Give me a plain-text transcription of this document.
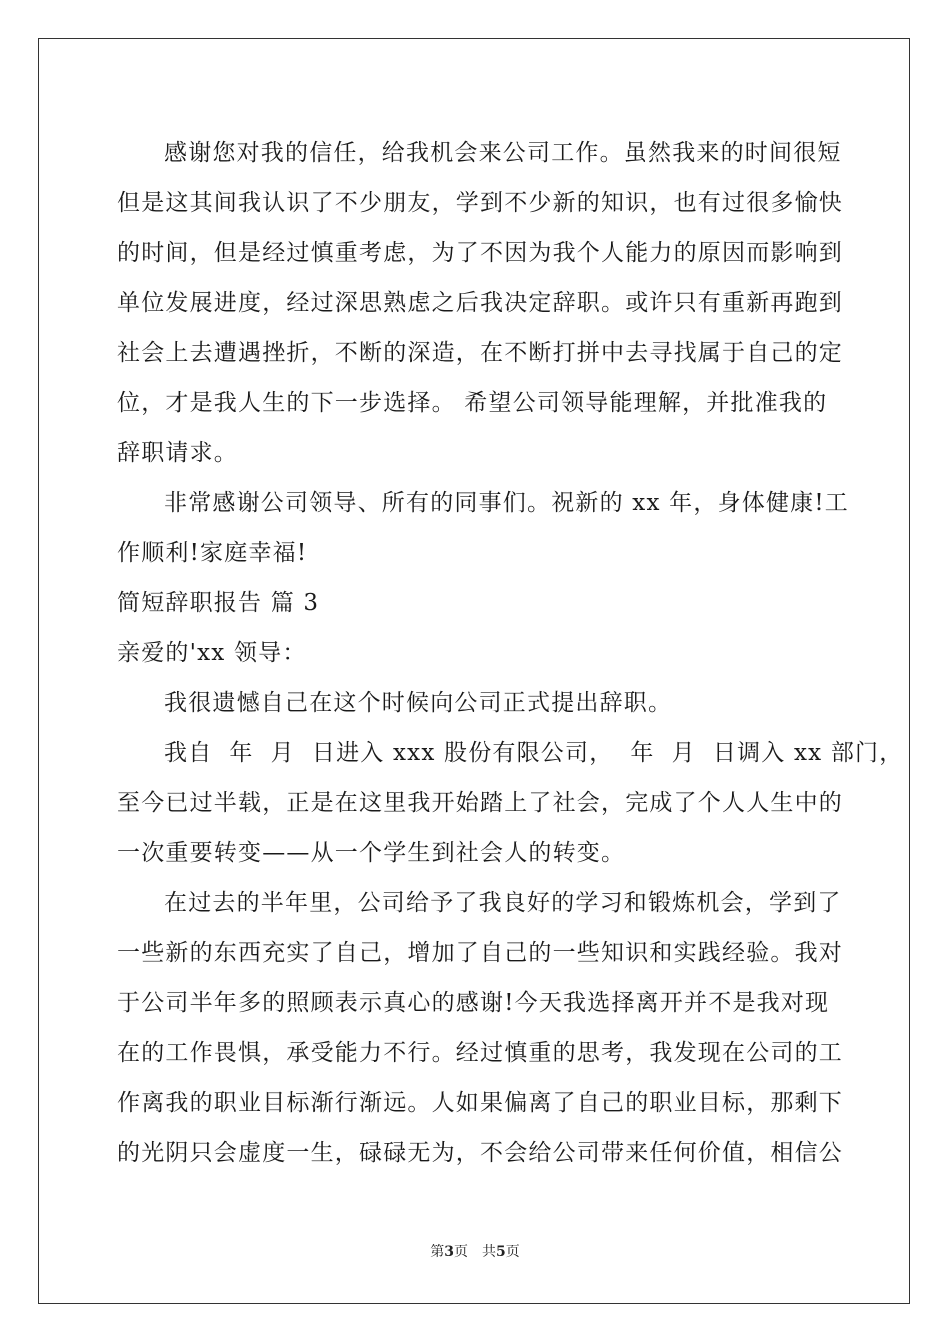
感谢您对我的信任，给我机会来公司工作。虽然我来的时间很短
但是这其间我认识了不少朋友，学到不少新的知识，也有过很多愉快
的时间，但是经过慎重考虑，为了不因为我个人能力的原因而影响到
单位发展进度，经过深思熟虑之后我决定辞职。或许只有重新再跑到
社会上去遭遇挫折，不断的深造，在不断打拼中去寻找属于自己的定
位，才是我人生的下一步选择。 希望公司领导能理解，并批准我的
辞职请求。
非常感谢公司领导、所有的同事们。祝新的 xx 年，身体健康!工
作顺利!家庭幸福!
简短辞职报告 篇 3
亲爱的'xx 领导：
我很遗憾自己在这个时候向公司正式提出辞职。
我自  年  月  日进入 xxx 股份有限公司，  年  月  日调入 xx 部门，
至今已过半载，正是在这里我开始踏上了社会，完成了个人人生中的
一次重要转变——从一个学生到社会人的转变。
在过去的半年里，公司给予了我良好的学习和锻炼机会，学到了
一些新的东西充实了自己，增加了自己的一些知识和实践经验。我对
于公司半年多的照顾表示真心的感谢!今天我选择离开并不是我对现
在的工作畏惧，承受能力不行。经过慎重的思考，我发现在公司的工
作离我的职业目标渐行渐远。人如果偏离了自己的职业目标，那剩下
的光阴只会虚度一生，碌碌无为，不会给公司带来任何价值，相信公
第3页　共5页
